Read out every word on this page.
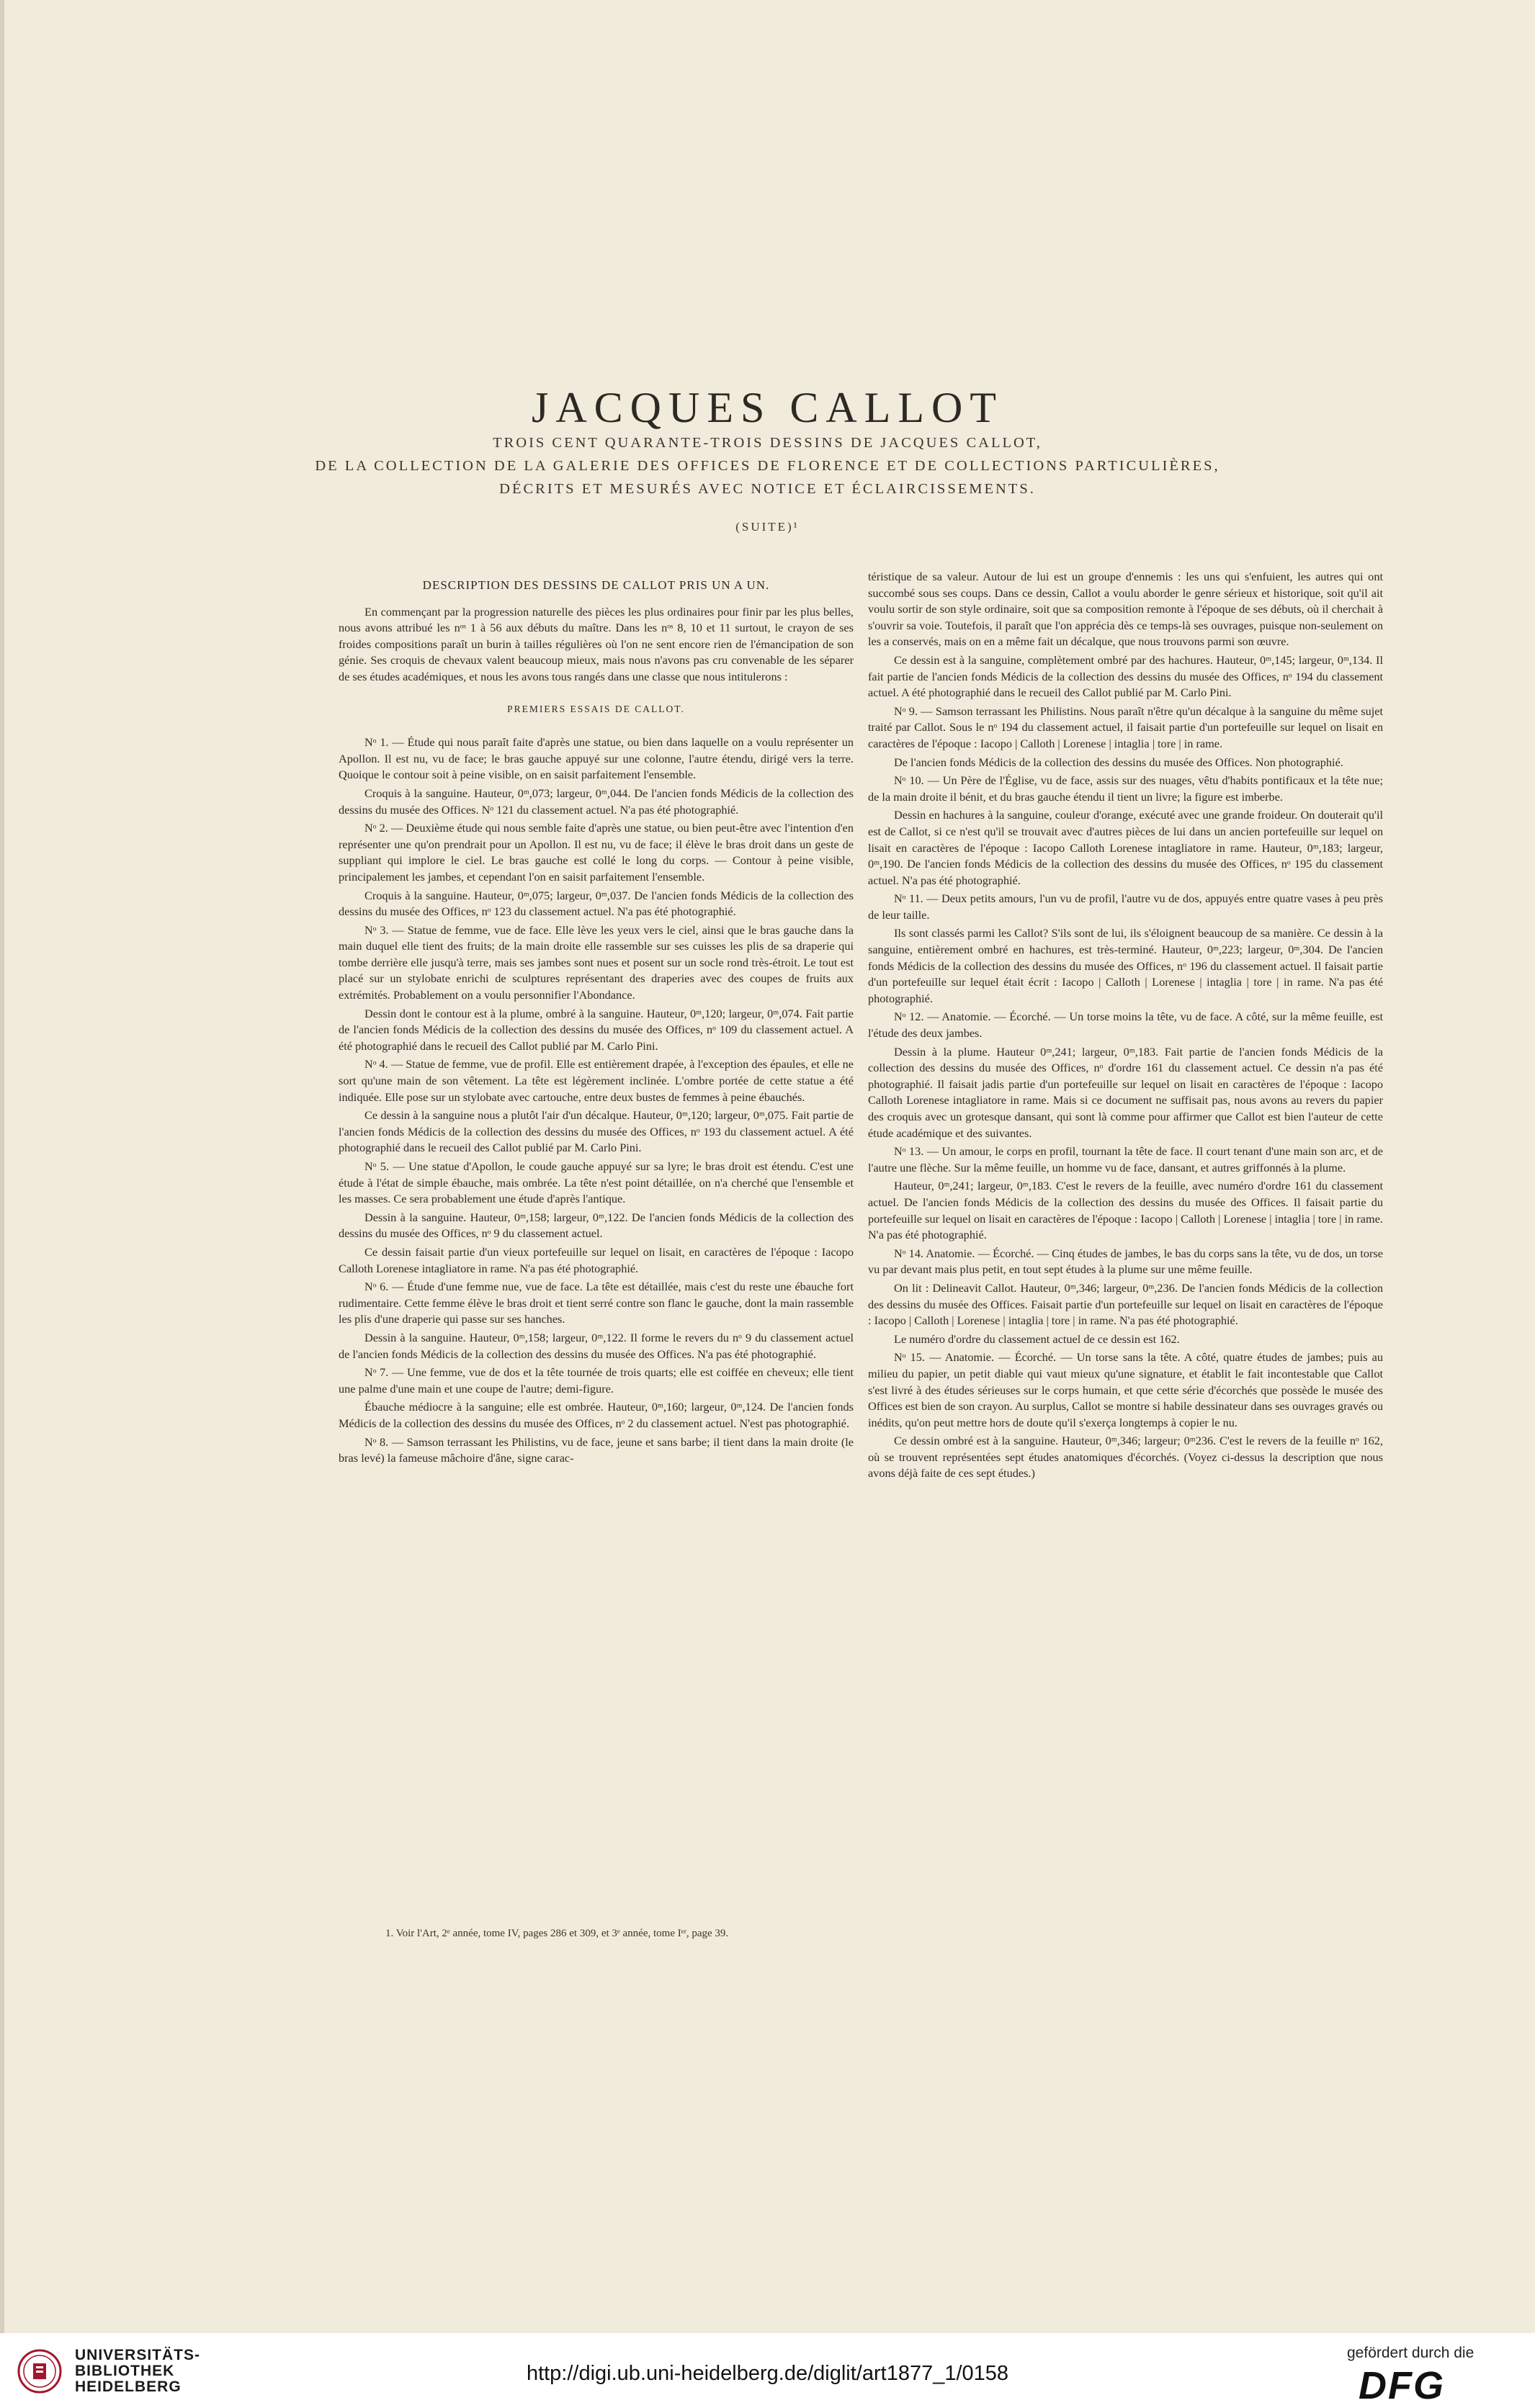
JACQUES CALLOT
TROIS CENT QUARANTE-TROIS DESSINS DE JACQUES CALLOT,
DE LA COLLECTION DE LA GALERIE DES OFFICES DE FLORENCE ET DE COLLECTIONS PARTICULIÈRES,
DÉCRITS ET MESURÉS AVEC NOTICE ET ÉCLAIRCISSEMENTS.
(SUITE)¹
DESCRIPTION DES DESSINS DE CALLOT PRIS UN A UN.

En commençant par la progression naturelle des pièces les plus ordinaires pour finir par les plus belles, nous avons attribué les nᵒˢ 1 à 56 aux débuts du maître. Dans les nᵒˢ 8, 10 et 11 surtout, le crayon de ses froides compositions paraît un burin à tailles régulières où l'on ne sent encore rien de l'émancipation de son génie. Ses croquis de chevaux valent beaucoup mieux, mais nous n'avons pas cru convenable de les séparer de ses études académiques, et nous les avons tous rangés dans une classe que nous intitulerons :

PREMIERS ESSAIS DE CALLOT.

Nᵒ 1. — Étude qui nous paraît faite d'après une statue, ou bien dans laquelle on a voulu représenter un Apollon. Il est nu, vu de face; le bras gauche appuyé sur une colonne, l'autre étendu, dirigé vers la terre. Quoique le contour soit à peine visible, on en saisit parfaitement l'ensemble.

Croquis à la sanguine. Hauteur, 0ᵐ,073; largeur, 0ᵐ,044. De l'ancien fonds Médicis de la collection des dessins du musée des Offices. Nᵒ 121 du classement actuel. N'a pas été photographié.

Nᵒ 2. — Deuxième étude qui nous semble faite d'après une statue, ou bien peut-être avec l'intention d'en représenter une qu'on prendrait pour un Apollon. Il est nu, vu de face; il élève le bras droit dans un geste de suppliant qui implore le ciel. Le bras gauche est collé le long du corps. — Contour à peine visible, principalement les jambes, et cependant l'on en saisit parfaitement l'ensemble.

Croquis à la sanguine. Hauteur, 0ᵐ,075; largeur, 0ᵐ,037. De l'ancien fonds Médicis de la collection des dessins du musée des Offices, nᵒ 123 du classement actuel. N'a pas été photographié.

Nᵒ 3. — Statue de femme, vue de face. Elle lève les yeux vers le ciel, ainsi que le bras gauche dans la main duquel elle tient des fruits; de la main droite elle rassemble sur ses cuisses les plis de sa draperie qui tombe derrière elle jusqu'à terre, mais ses jambes sont nues et posent sur un socle rond très-étroit. Le tout est placé sur un stylobate enrichi de sculptures représentant des draperies avec des coupes de fruits aux extrémités. Probablement on a voulu personnifier l'Abondance.

Dessin dont le contour est à la plume, ombré à la sanguine. Hauteur, 0ᵐ,120; largeur, 0ᵐ,074. Fait partie de l'ancien fonds Médicis de la collection des dessins du musée des Offices, nᵒ 109 du classement actuel. A été photographié dans le recueil des Callot publié par M. Carlo Pini.

Nᵒ 4. — Statue de femme, vue de profil. Elle est entièrement drapée, à l'exception des épaules, et elle ne sort qu'une main de son vêtement. La tête est légèrement inclinée. L'ombre portée de cette statue a été indiquée. Elle pose sur un stylobate avec cartouche, entre deux bustes de femmes à peine ébauchés.

Ce dessin à la sanguine nous a plutôt l'air d'un décalque. Hauteur, 0ᵐ,120; largeur, 0ᵐ,075. Fait partie de l'ancien fonds Médicis de la collection des dessins du musée des Offices, nᵒ 193 du classement actuel. A été photographié dans le recueil des Callot publié par M. Carlo Pini.

Nᵒ 5. — Une statue d'Apollon, le coude gauche appuyé sur sa lyre; le bras droit est étendu. C'est une étude à l'état de simple ébauche, mais ombrée. La tête n'est point détaillée, on n'a cherché que l'ensemble et les masses. Ce sera probablement une étude d'après l'antique.

Dessin à la sanguine. Hauteur, 0ᵐ,158; largeur, 0ᵐ,122. De l'ancien fonds Médicis de la collection des dessins du musée des Offices, nᵒ 9 du classement actuel.

Ce dessin faisait partie d'un vieux portefeuille sur lequel on lisait, en caractères de l'époque : Iacopo Calloth Lorenese intagliatore in rame. N'a pas été photographié.

Nᵒ 6. — Étude d'une femme nue, vue de face. La tête est détaillée, mais c'est du reste une ébauche fort rudimentaire. Cette femme élève le bras droit et tient serré contre son flanc le gauche, dont la main rassemble les plis d'une draperie qui passe sur ses hanches.

Dessin à la sanguine. Hauteur, 0ᵐ,158; largeur, 0ᵐ,122. Il forme le revers du nᵒ 9 du classement actuel de l'ancien fonds Médicis de la collection des dessins du musée des Offices. N'a pas été photographié.

Nᵒ 7. — Une femme, vue de dos et la tête tournée de trois quarts; elle est coiffée en cheveux; elle tient une palme d'une main et une coupe de l'autre; demi-figure.

Ébauche médiocre à la sanguine; elle est ombrée. Hauteur, 0ᵐ,160; largeur, 0ᵐ,124. De l'ancien fonds Médicis de la collection des dessins du musée des Offices, nᵒ 2 du classement actuel. N'est pas photographié.

Nᵒ 8. — Samson terrassant les Philistins, vu de face, jeune et sans barbe; il tient dans la main droite (le bras levé) la fameuse mâchoire d'âne, signe carac-

téristique de sa valeur. Autour de lui est un groupe d'ennemis : les uns qui s'enfuient, les autres qui ont succombé sous ses coups. Dans ce dessin, Callot a voulu aborder le genre sérieux et historique, soit qu'il ait voulu sortir de son style ordinaire, soit que sa composition remonte à l'époque de ses débuts, où il cherchait à s'ouvrir sa voie. Toutefois, il paraît que l'on apprécia dès ce temps-là ses ouvrages, puisque non-seulement on les a conservés, mais on en a même fait un décalque, que nous trouvons parmi son œuvre.

Ce dessin est à la sanguine, complètement ombré par des hachures. Hauteur, 0ᵐ,145; largeur, 0ᵐ,134. Il fait partie de l'ancien fonds Médicis de la collection des dessins du musée des Offices, nᵒ 194 du classement actuel. A été photographié dans le recueil des Callot publié par M. Carlo Pini.

Nᵒ 9. — Samson terrassant les Philistins. Nous paraît n'être qu'un décalque à la sanguine du même sujet traité par Callot. Sous le nᵒ 194 du classement actuel, il faisait partie d'un portefeuille sur lequel on lisait en caractères de l'époque : Iacopo | Calloth | Lorenese | intaglia | tore | in rame.

De l'ancien fonds Médicis de la collection des dessins du musée des Offices. Non photographié.

Nᵒ 10. — Un Père de l'Église, vu de face, assis sur des nuages, vêtu d'habits pontificaux et la tête nue; de la main droite il bénit, et du bras gauche étendu il tient un livre; la figure est imberbe.

Dessin en hachures à la sanguine, couleur d'orange, exécuté avec une grande froideur. On douterait qu'il est de Callot, si ce n'est qu'il se trouvait avec d'autres pièces de lui dans un ancien portefeuille sur lequel on lisait en caractères de l'époque : Iacopo Calloth Lorenese intagliatore in rame. Hauteur, 0ᵐ,183; largeur, 0ᵐ,190. De l'ancien fonds Médicis de la collection des dessins du musée des Offices, nᵒ 195 du classement actuel. N'a pas été photographié.

Nᵒ 11. — Deux petits amours, l'un vu de profil, l'autre vu de dos, appuyés entre quatre vases à peu près de leur taille.

Ils sont classés parmi les Callot? S'ils sont de lui, ils s'éloignent beaucoup de sa manière. Ce dessin à la sanguine, entièrement ombré en hachures, est très-terminé. Hauteur, 0ᵐ,223; largeur, 0ᵐ,304. De l'ancien fonds Médicis de la collection des dessins du musée des Offices, nᵒ 196 du classement actuel. Il faisait partie d'un portefeuille sur lequel était écrit : Iacopo | Calloth | Lorenese | intaglia | tore | in rame. N'a pas été photographié.

Nᵒ 12. — Anatomie. — Écorché. — Un torse moins la tête, vu de face. A côté, sur la même feuille, est l'étude des deux jambes.

Dessin à la plume. Hauteur 0ᵐ,241; largeur, 0ᵐ,183. Fait partie de l'ancien fonds Médicis de la collection des dessins du musée des Offices, nᵒ d'ordre 161 du classement actuel. Ce dessin n'a pas été photographié. Il faisait jadis partie d'un portefeuille sur lequel on lisait en caractères de l'époque : Iacopo Calloth Lorenese intagliatore in rame. Mais si ce document ne suffisait pas, nous avons au revers du papier des croquis avec un grotesque dansant, qui sont là comme pour affirmer que Callot est bien l'auteur de cette étude académique et des suivantes.

Nᵒ 13. — Un amour, le corps en profil, tournant la tête de face. Il court tenant d'une main son arc, et de l'autre une flèche. Sur la même feuille, un homme vu de face, dansant, et autres griffonnés à la plume.

Hauteur, 0ᵐ,241; largeur, 0ᵐ,183. C'est le revers de la feuille, avec numéro d'ordre 161 du classement actuel. De l'ancien fonds Médicis de la collection des dessins du musée des Offices. Il faisait partie du portefeuille sur lequel on lisait en caractères de l'époque : Iacopo | Calloth | Lorenese | intaglia | tore | in rame. N'a pas été photographié.

Nᵒ 14. Anatomie. — Écorché. — Cinq études de jambes, le bas du corps sans la tête, vu de dos, un torse vu par devant mais plus petit, en tout sept études à la plume sur une même feuille.

On lit : Delineavit Callot. Hauteur, 0ᵐ,346; largeur, 0ᵐ,236. De l'ancien fonds Médicis de la collection des dessins du musée des Offices. Faisait partie d'un portefeuille sur lequel on lisait en caractères de l'époque : Iacopo | Calloth | Lorenese | intaglia | tore | in rame. N'a pas été photographié.

Le numéro d'ordre du classement actuel de ce dessin est 162.

Nᵒ 15. — Anatomie. — Écorché. — Un torse sans la tête. A côté, quatre études de jambes; puis au milieu du papier, un petit diable qui vaut mieux qu'une signature, et établit le fait incontestable que Callot s'est livré à des études sérieuses sur le corps humain, et que cette série d'écorchés que possède le musée des Offices est bien de son crayon. Au surplus, Callot se montre si habile dessinateur dans ses ouvrages gravés ou inédits, qu'on peut mettre hors de doute qu'il s'exerça longtemps à copier le nu.

Ce dessin ombré est à la sanguine. Hauteur, 0ᵐ,346; largeur; 0ᵐ236. C'est le revers de la feuille nᵒ 162, où se trouvent représentées sept études anatomiques d'écorchés. (Voyez ci-dessus la description que nous avons déjà faite de ces sept études.)

1. Voir l'Art, 2ᵉ année, tome IV, pages 286 et 309, et 3ᵉ année, tome Iᵉʳ, page 39.
UNIVERSITÄTS-
BIBLIOTHEK
HEIDELBERG
http://digi.ub.uni-heidelberg.de/diglit/art1877_1/0158
gefördert durch die
DFG
